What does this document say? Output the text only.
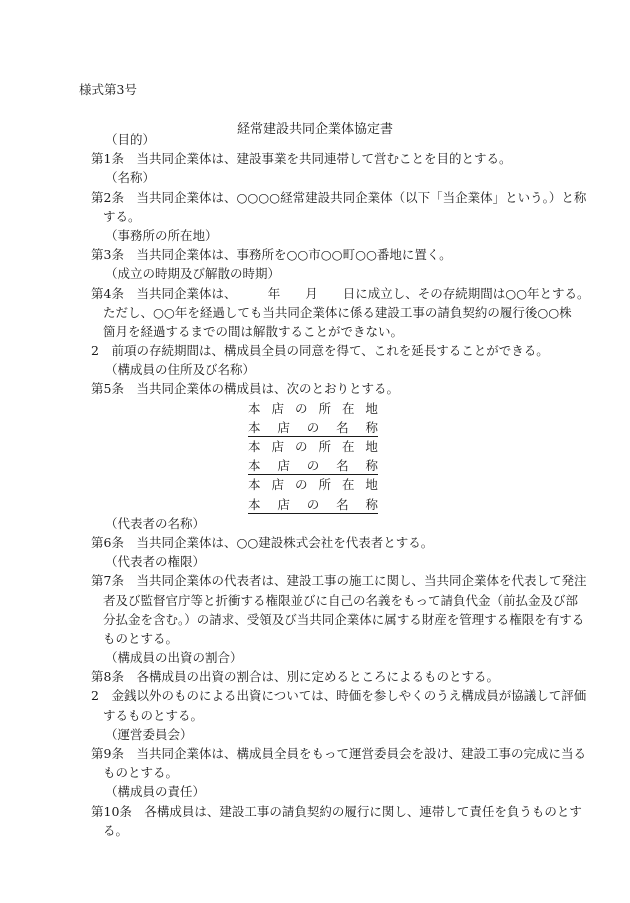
様式第3号
経常建設共同企業体協定書
（目的）
第1条　当共同企業体は、建設事業を共同連帯して営むことを目的とする。
（名称）
第2条　当共同企業体は、○○○○経常建設共同企業体（以下「当企業体」という。）と称
する。
（事務所の所在地）
第3条　当共同企業体は、事務所を○○市○○町○○番地に置く。
（成立の時期及び解散の時期）
第4条　当共同企業体は、　　　年　　月　　日に成立し、その存続期間は○○年とする。
ただし、○○年を経過しても当共同企業体に係る建設工事の請負契約の履行後○○株
箇月を経過するまでの間は解散することができない。
2　前項の存続期間は、構成員全員の同意を得て、これを延長することができる。
（構成員の住所及び名称）
第5条　当共同企業体の構成員は、次のとおりとする。
本 店 の 所 在 地
本 店 の 名 称
本 店 の 所 在 地
本 店 の 名 称
本 店 の 所 在 地
本 店 の 名 称
（代表者の名称）
第6条　当共同企業体は、○○建設株式会社を代表者とする。
（代表者の権限）
第7条　当共同企業体の代表者は、建設工事の施工に関し、当共同企業体を代表して発注
者及び監督官庁等と折衝する権限並びに自己の名義をもって請負代金（前払金及び部
分払金を含む。）の請求、受領及び当共同企業体に属する財産を管理する権限を有する
ものとする。
（構成員の出資の割合）
第8条　各構成員の出資の割合は、別に定めるところによるものとする。
2　金銭以外のものによる出資については、時価を参しやくのうえ構成員が協議して評価
するものとする。
（運営委員会）
第9条　当共同企業体は、構成員全員をもって運営委員会を設け、建設工事の完成に当る
ものとする。
（構成員の責任）
第10条　各構成員は、建設工事の請負契約の履行に関し、連帯して責任を負うものとす
る。
